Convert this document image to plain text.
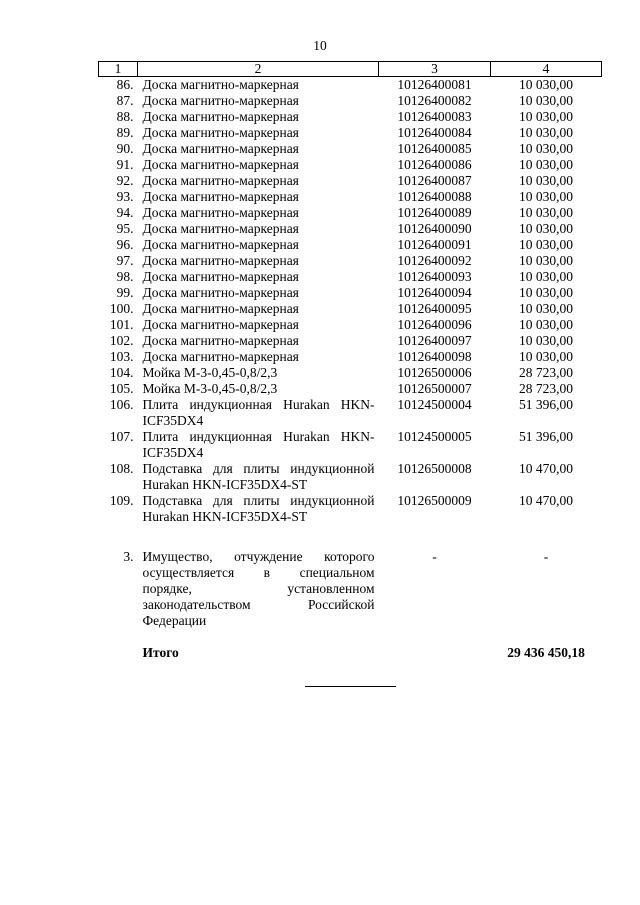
10
1	2	3	4
86.	Доска магнитно-маркерная	10126400081	10 030,00
87.	Доска магнитно-маркерная	10126400082	10 030,00
88.	Доска магнитно-маркерная	10126400083	10 030,00
89.	Доска магнитно-маркерная	10126400084	10 030,00
90.	Доска магнитно-маркерная	10126400085	10 030,00
91.	Доска магнитно-маркерная	10126400086	10 030,00
92.	Доска магнитно-маркерная	10126400087	10 030,00
93.	Доска магнитно-маркерная	10126400088	10 030,00
94.	Доска магнитно-маркерная	10126400089	10 030,00
95.	Доска магнитно-маркерная	10126400090	10 030,00
96.	Доска магнитно-маркерная	10126400091	10 030,00
97.	Доска магнитно-маркерная	10126400092	10 030,00
98.	Доска магнитно-маркерная	10126400093	10 030,00
99.	Доска магнитно-маркерная	10126400094	10 030,00
100.	Доска магнитно-маркерная	10126400095	10 030,00
101.	Доска магнитно-маркерная	10126400096	10 030,00
102.	Доска магнитно-маркерная	10126400097	10 030,00
103.	Доска магнитно-маркерная	10126400098	10 030,00
104.	Мойка М-3-0,45-0,8/2,3	10126500006	28 723,00
105.	Мойка М-3-0,45-0,8/2,3	10126500007	28 723,00
106.	Плита индукционная Hurakan HKN-ICF35DX4	10124500004	51 396,00
107.	Плита индукционная Hurakan HKN-ICF35DX4	10124500005	51 396,00
108.	Подставка для плиты индукционной Hurakan HKN-ICF35DX4-ST	10126500008	10 470,00
109.	Подставка для плиты индукционной Hurakan HKN-ICF35DX4-ST	10126500009	10 470,00

3.	Имущество, отчуждение которого осуществляется в специальном порядке, установленном законодательством Российской Федерации	-	-

	Итого		29 436 450,18
